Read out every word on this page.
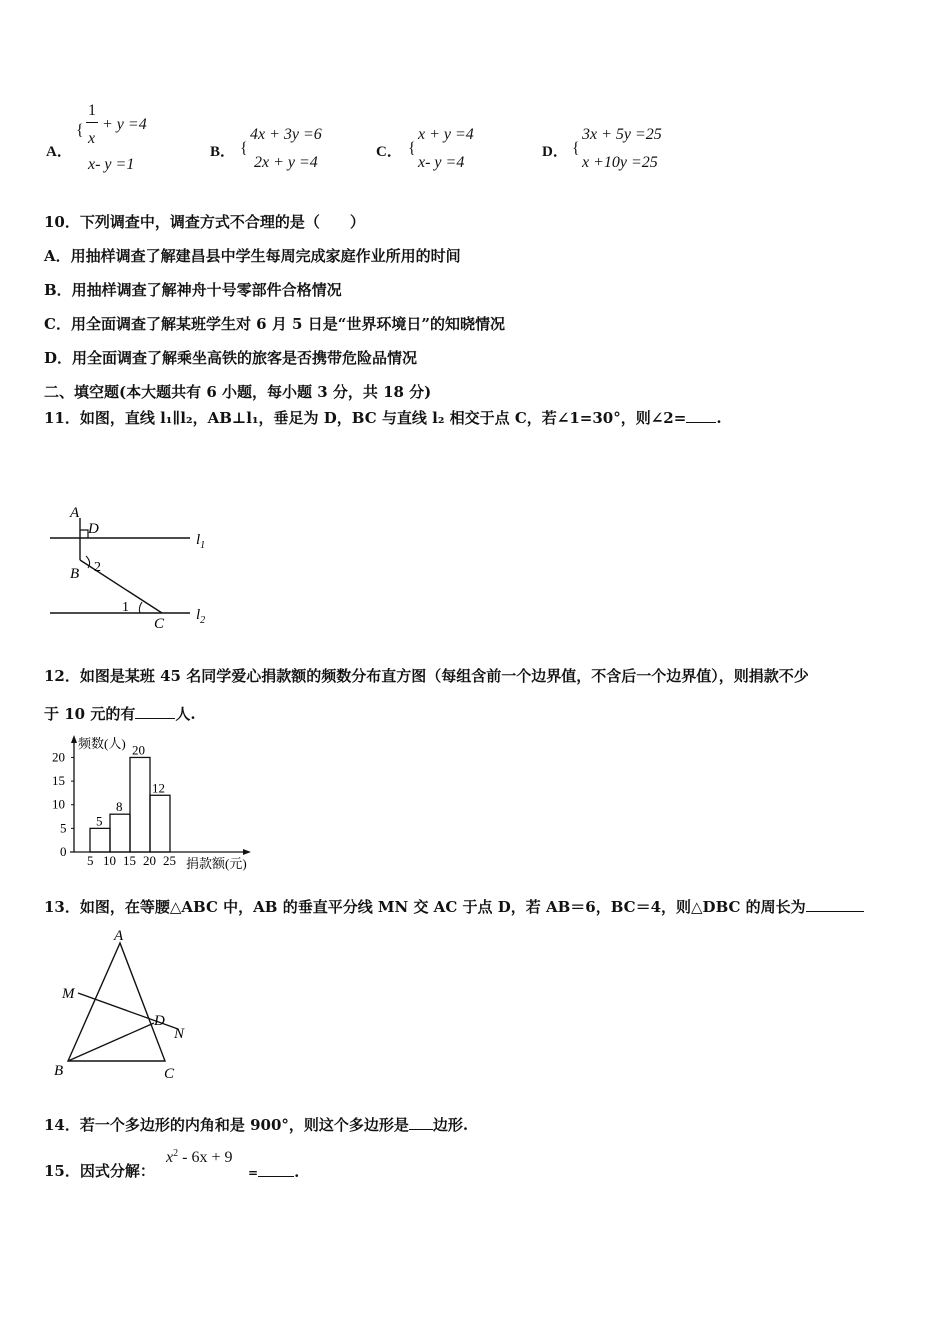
A．
{
1
x
+ y =4
x- y =1
B． {
4x + 3y =6
2x + y =4
C． {
x + y =4
x- y =4
D． {
3x + 5y =25
x +10y =25
10．下列调查中，调查方式不合理的是（　　）
A．用抽样调查了解建昌县中学生每周完成家庭作业所用的时间
B．用抽样调查了解神舟十号零部件合格情况
C．用全面调查了解某班学生对 6 月 5 日是“世界环境日”的知晓情况
D．用全面调查了解乘坐高铁的旅客是否携带危险品情况
二、填空题(本大题共有 6 小题，每小题 3 分，共 18 分)
11．如图，直线 l₁∥l₂，AB⊥l₁，垂足为 D，BC 与直线 l₂ 相交于点 C，若∠1=30°，则∠2= .
A
D
B 2
1
C
$l_1$
$l_2$
12．如图是某班 45 名同学爱心捐款额的频数分布直方图（每组含前一个边界值，不含后一个边界值），则捐款不少
于 10 元的有	人.
频数(人)
捐款额(元)
5
8
20
12
0
5
10
15
20
5 10 15 20 25
13．如图，在等腰△ABC 中，AB 的垂直平分线 MN 交 AC 于点 D，若 AB＝6，BC＝4，则△DBC 的周长为
A
M
D
N
B	C
14．若一个多边形的内角和是 900°，则这个多边形是 边形.
15．因式分解：
$x^2 - 6x + 9$
= .
